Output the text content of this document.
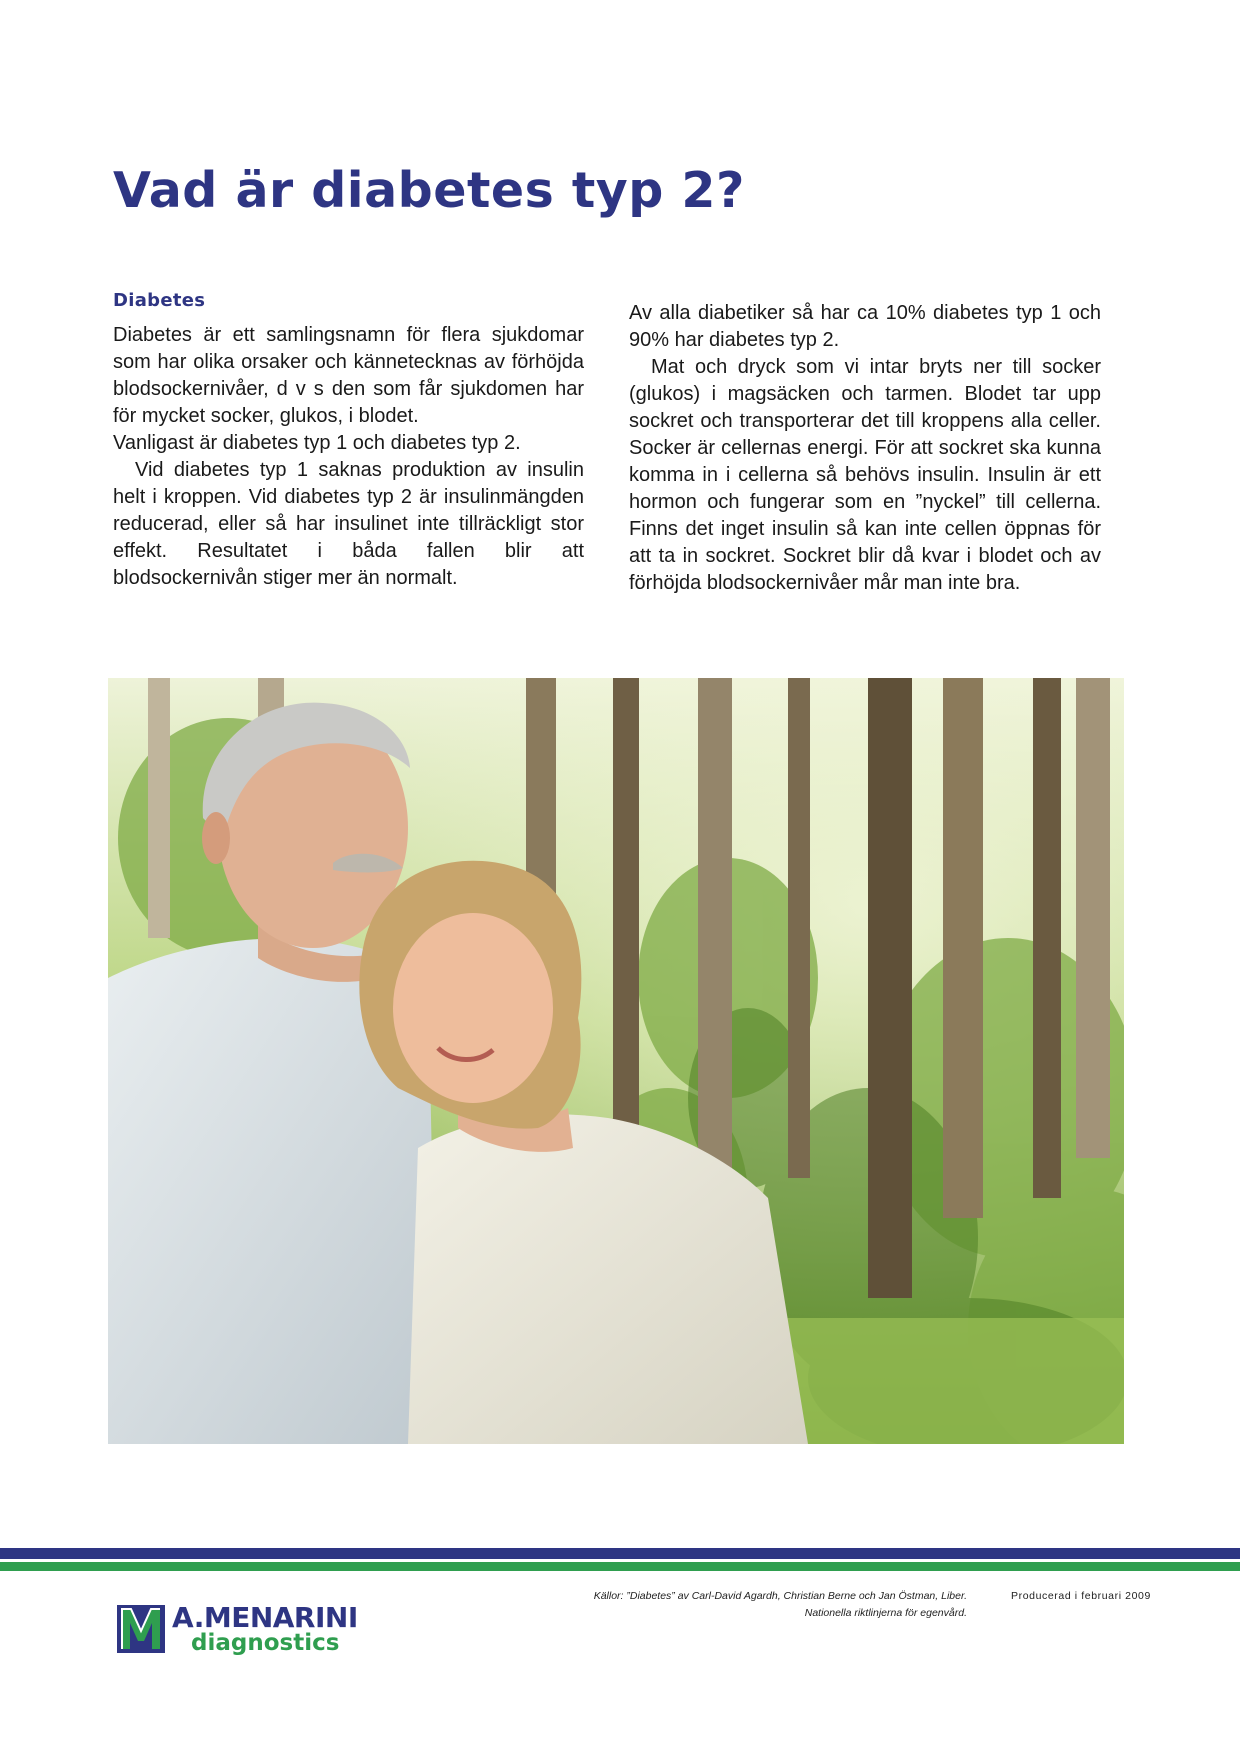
Vad är diabetes typ 2?
Diabetes

Diabetes är ett samlingsnamn för flera sjukdomar som har olika orsaker och kännetecknas av förhöjda blodsockernivåer, d v s den som får sjukdomen har för mycket socker, glukos, i blodet.

Vanligast är diabetes typ 1 och diabetes typ 2.

Vid diabetes typ 1 saknas produktion av insulin helt i kroppen. Vid diabetes typ 2 är insulinmängden reducerad, eller så har insulinet inte tillräckligt stor effekt. Resultatet i båda fallen blir att blodsockernivån stiger mer än normalt.

Av alla diabetiker så har ca 10% diabetes typ 1 och 90% har diabetes typ 2.

Mat och dryck som vi intar bryts ner till socker (glukos) i magsäcken och tarmen. Blodet tar upp sockret och transporterar det till kroppens alla celler. Socker är cellernas energi. För att sockret ska kunna komma in i cellerna så behövs insulin. Insulin är ett hormon och fungerar som en ”nyckel” till cellerna. Finns det inget insulin så kan inte cellen öppnas för att ta in sockret. Sockret blir då kvar i blodet och av förhöjda blodsockernivåer mår man inte bra.

Källor: ”Diabetes” av Carl-David Agardh, Christian Berne och Jan Östman, Liber.
Nationella riktlinjerna för egenvård.
Producerad i februari 2009
A.MENARINI
diagnostics
